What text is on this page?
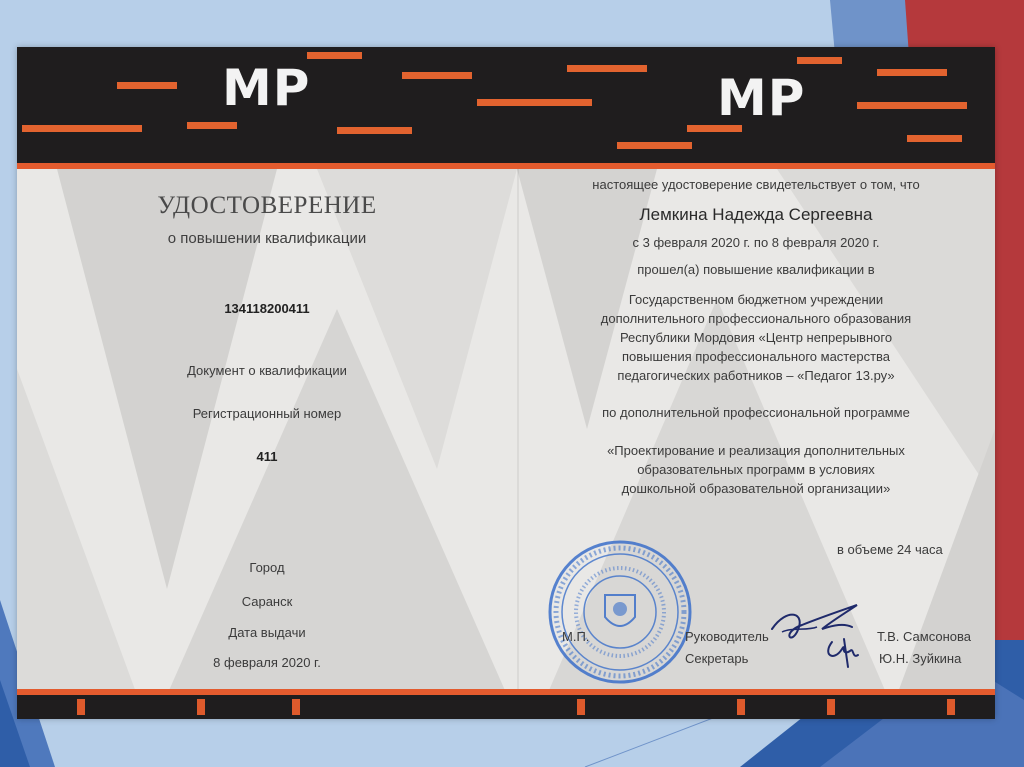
MP	MP
УДОСТОВЕРЕНИЕ
о повышении квалификации
134118200411
Документ о квалификации
Регистрационный номер
411
Город
Саранск
Дата выдачи
8 февраля 2020 г.
настоящее удостоверение свидетельствует о том, что
Лемкина Надежда Сергеевна
с 3 февраля 2020 г. по 8 февраля 2020 г.
прошел(а) повышение квалификации в
Государственном бюджетном учреждении
дополнительного профессионального образования
Республики Мордовия «Центр непрерывного
повышения профессионального мастерства
педагогических работников – «Педагог 13.ру»
по дополнительной профессиональной программе
«Проектирование и реализация дополнительных
образовательных программ в условиях
дошкольной образовательной организации»
в объеме 24 часа
М.П.	Руководитель	Т.В. Самсонова
Секретарь	Ю.Н. Зуйкина
